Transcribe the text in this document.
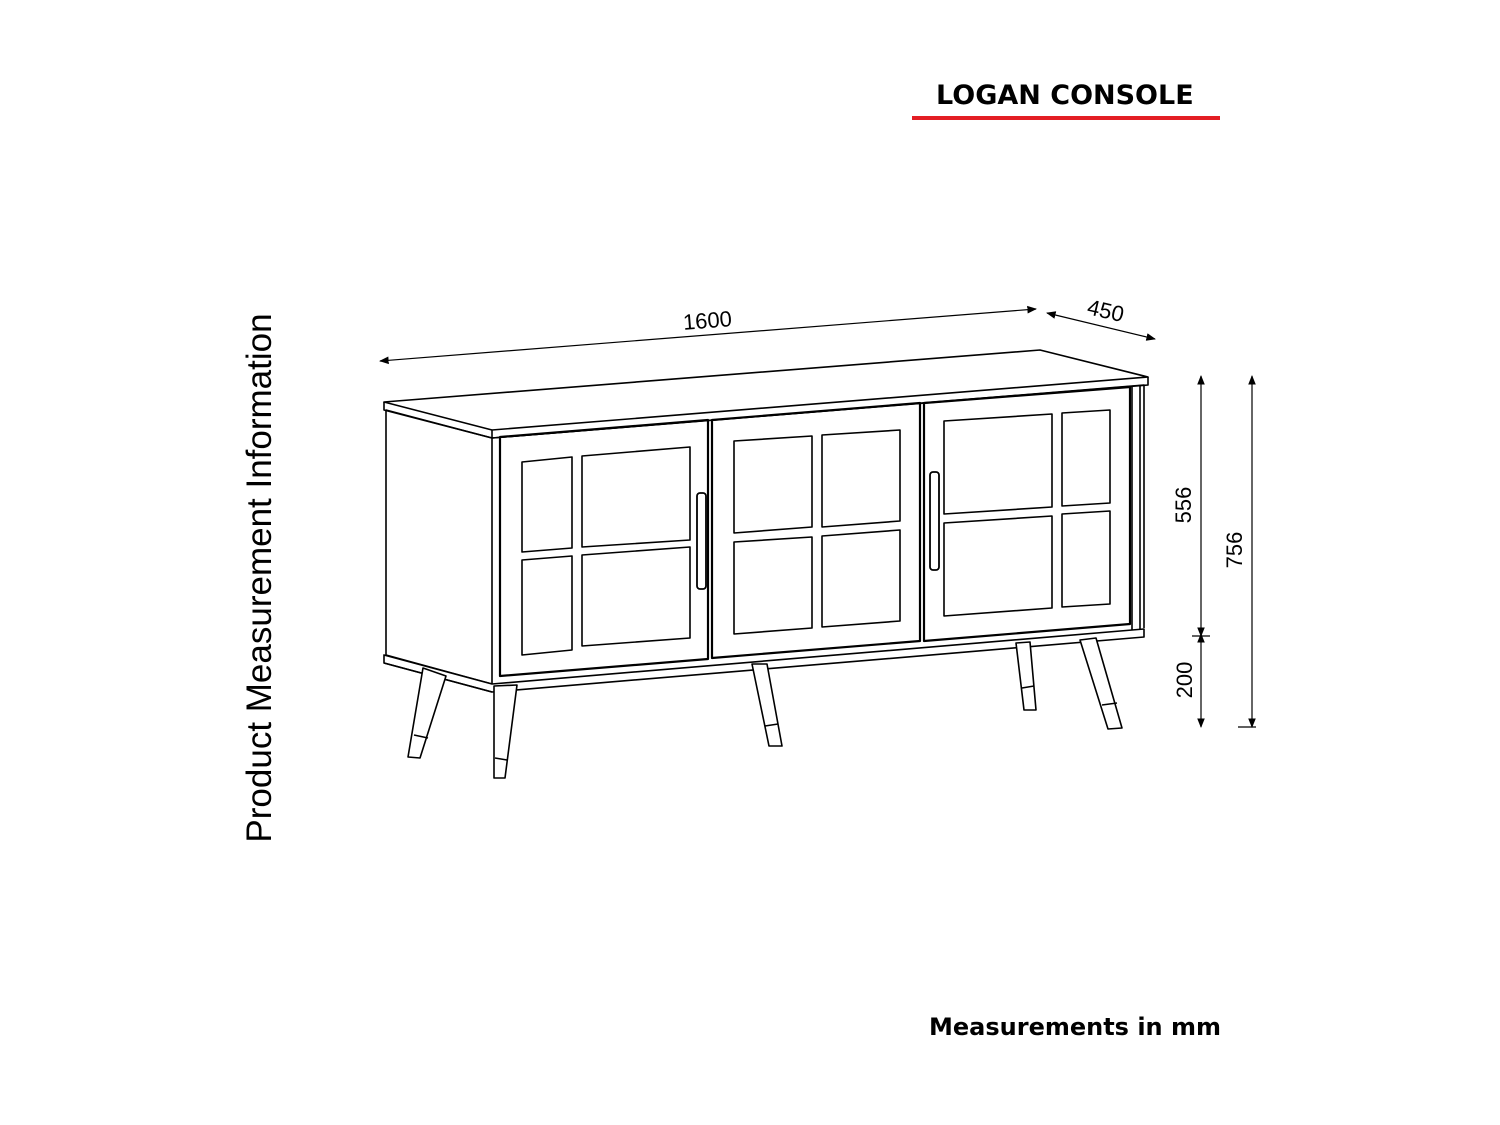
LOGAN CONSOLE
Product Measurement Information
Measurements in mm
1600	450
556
200
756
